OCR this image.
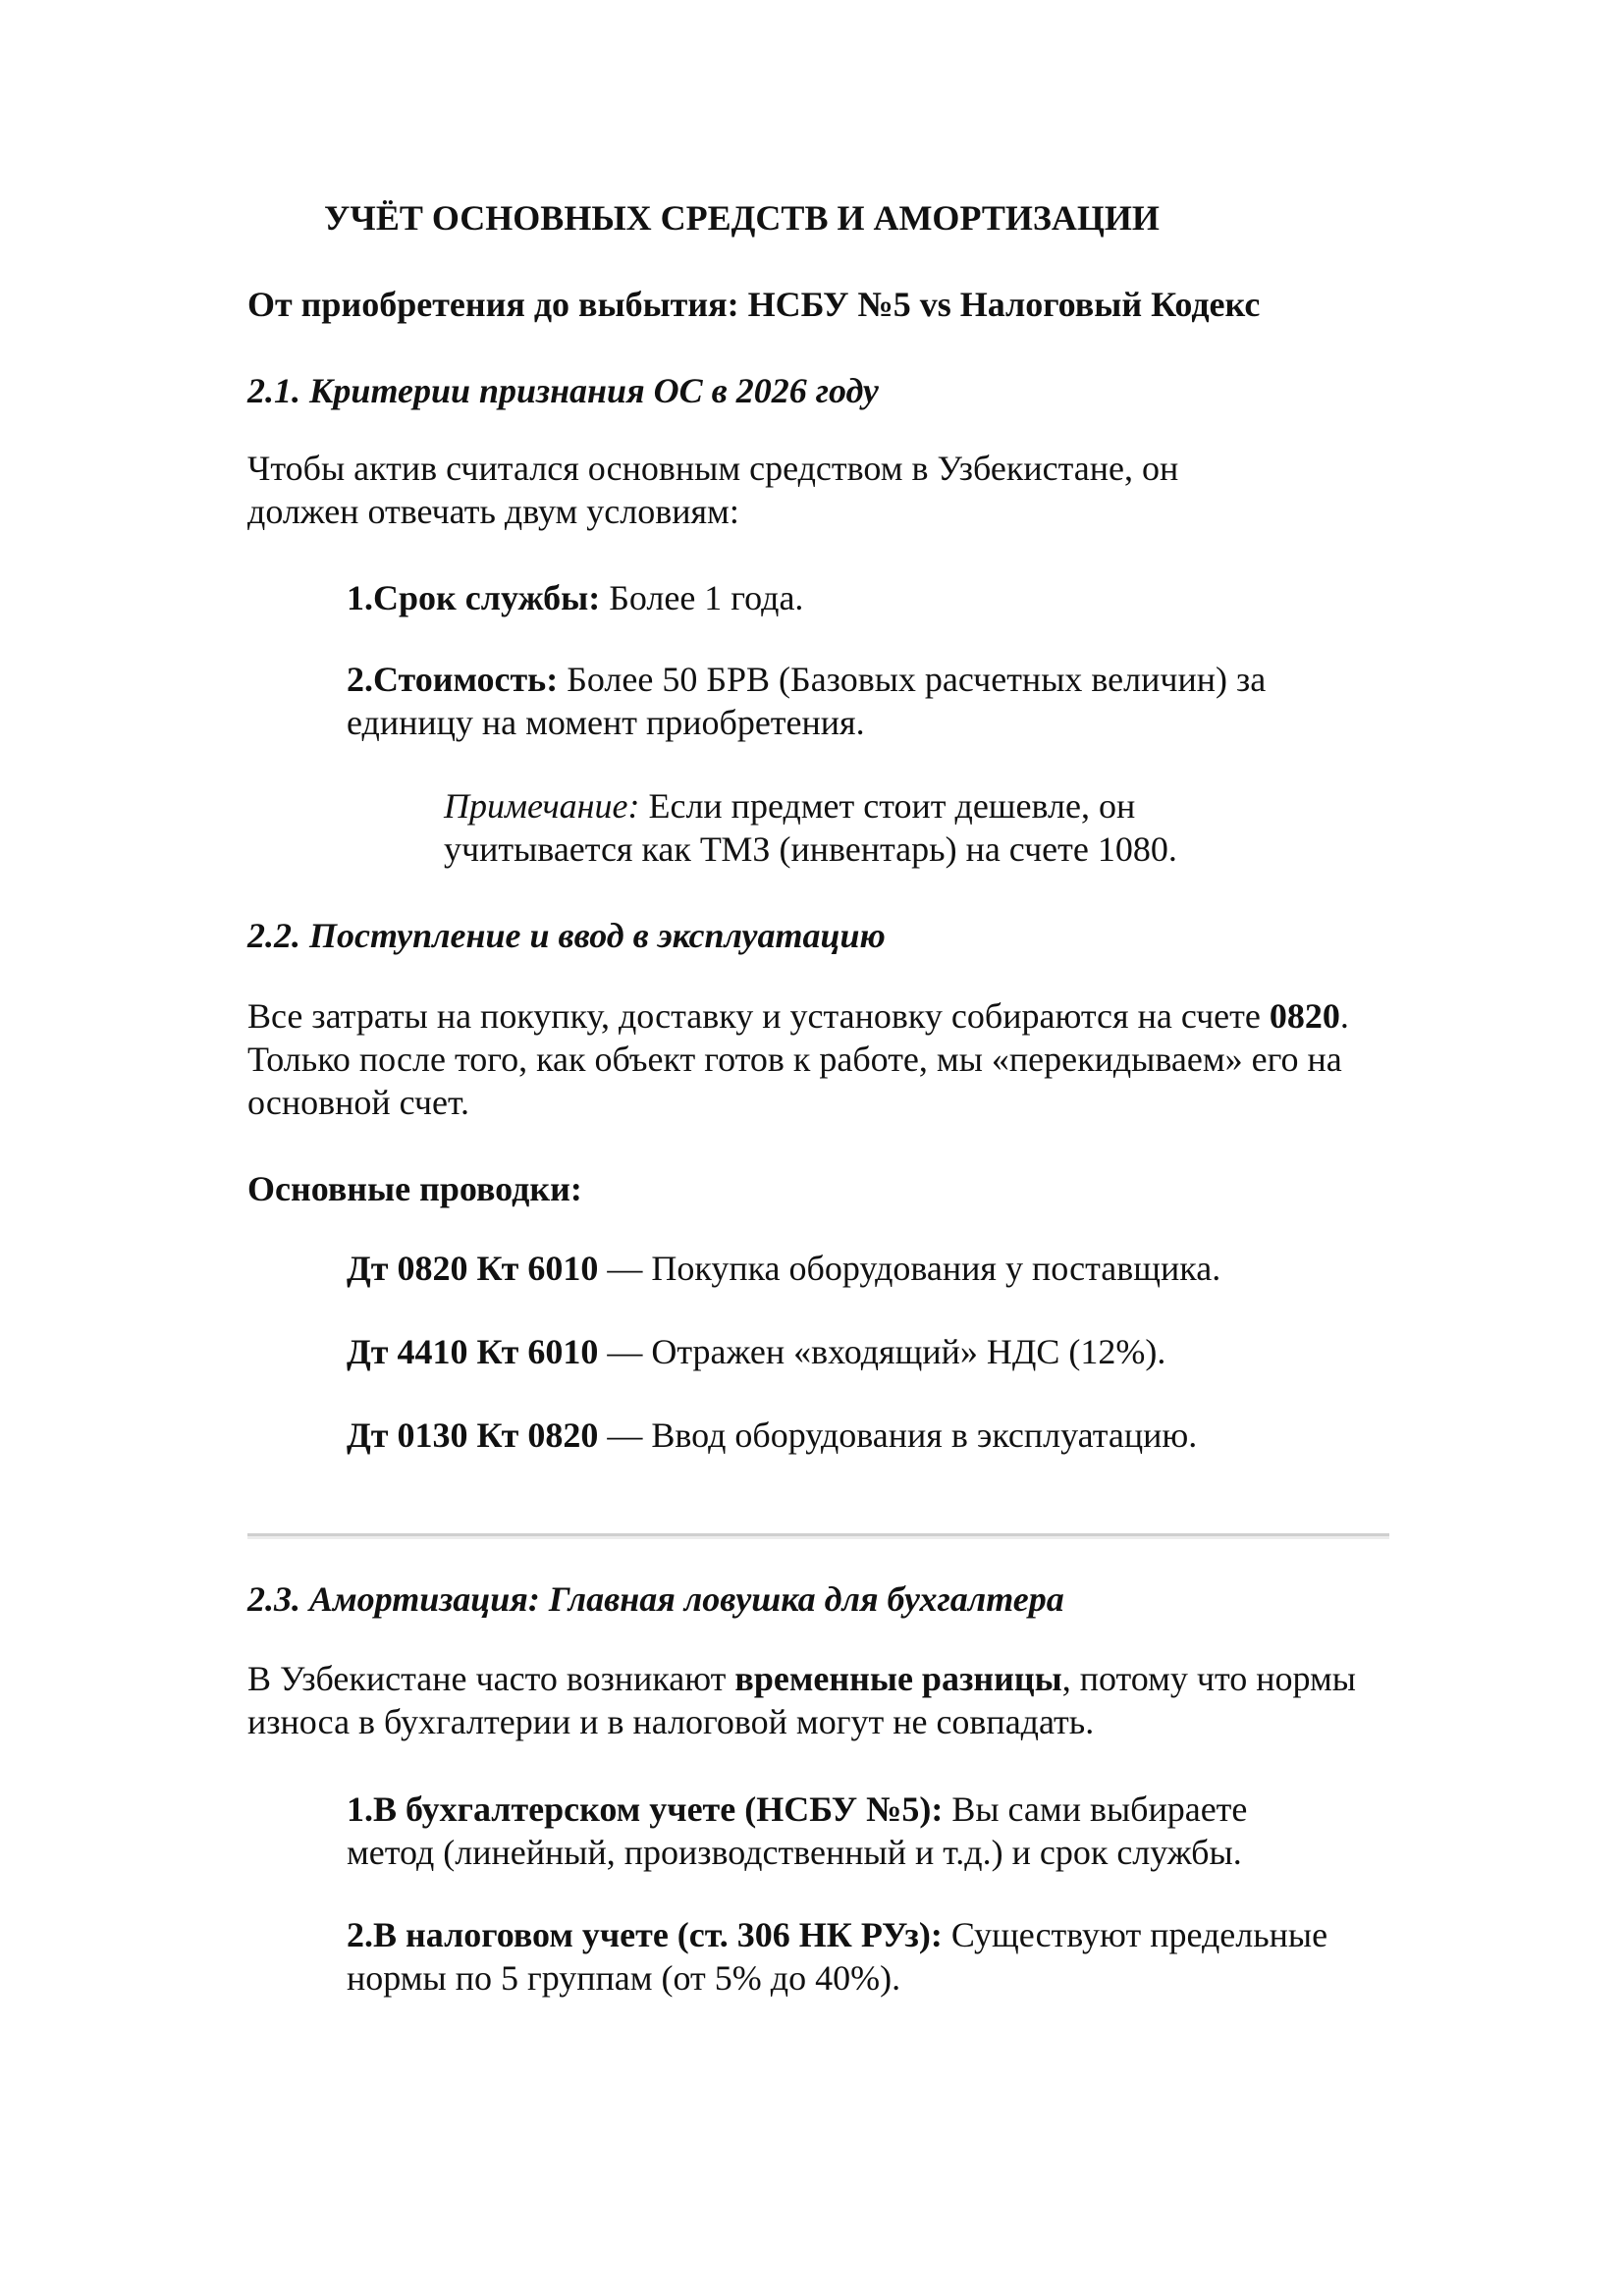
УЧЁТ ОСНОВНЫХ СРЕДСТВ И АМОРТИЗАЦИИ
От приобретения до выбытия: НСБУ №5 vs Налоговый Кодекс
2.1. Критерии признания ОС в 2026 году

Чтобы актив считался основным средством в Узбекистане, он
должен отвечать двум условиям:

1.Срок службы: Более 1 года.

2.Стоимость: Более 50 БРВ (Базовых расчетных величин) за единицу на момент приобретения.

Примечание: Если предмет стоит дешевле, он учитывается как ТМЗ (инвентарь) на счете 1080.

2.2. Поступление и ввод в эксплуатацию

Все затраты на покупку, доставку и установку собираются на счете 0820. Только после того, как объект готов к работе, мы «перекидываем» его на основной счет.

Основные проводки:

Дт 0820 Кт 6010 — Покупка оборудования у поставщика.

Дт 4410 Кт 6010 — Отражен «входящий» НДС (12%).

Дт 0130 Кт 0820 — Ввод оборудования в эксплуатацию.

2.3. Амортизация: Главная ловушка для бухгалтера

В Узбекистане часто возникают временные разницы, потому что нормы износа в бухгалтерии и в налоговой могут не совпадать.

1.В бухгалтерском учете (НСБУ №5): Вы сами выбираете метод (линейный, производственный и т.д.) и срок службы.

2.В налоговом учете (ст. 306 НК РУз): Существуют предельные нормы по 5 группам (от 5% до 40%).
